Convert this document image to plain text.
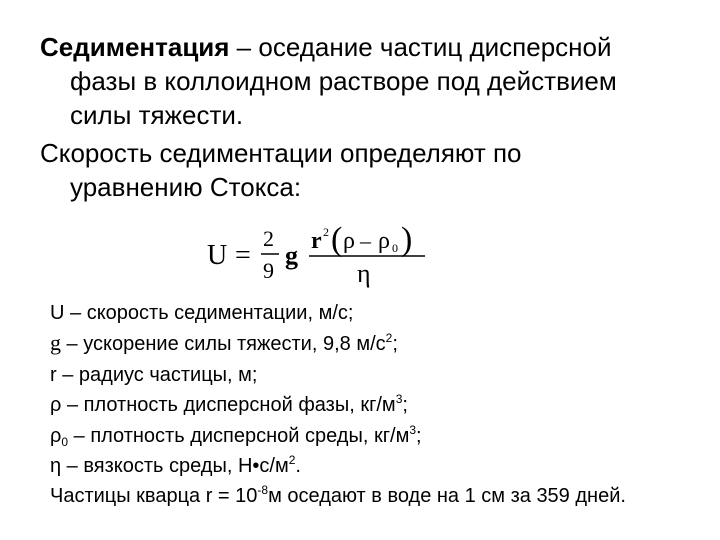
Седиментация – оседание частиц дисперсной
фазы в коллоидном растворе под действием
силы тяжести.

Скорость седиментации определяют по
уравнению Стокса:

U =
2
9
g r 2 ( ρ – ρ 0 )
η
U – скорость седиментации, м/с;
g – ускорение силы тяжести, 9,8 $м/с^2$;
r – радиус частицы, м;
ρ – плотность дисперсной фазы, $кг/м^3$;
$\rho_0$ – плотность дисперсной среды, $кг/м^3$;
η – вязкость среды, $Н•с/м^2$.
Частицы кварца $r = 10^{-8}м$ оседают в воде на 1 см за 359 дней.
